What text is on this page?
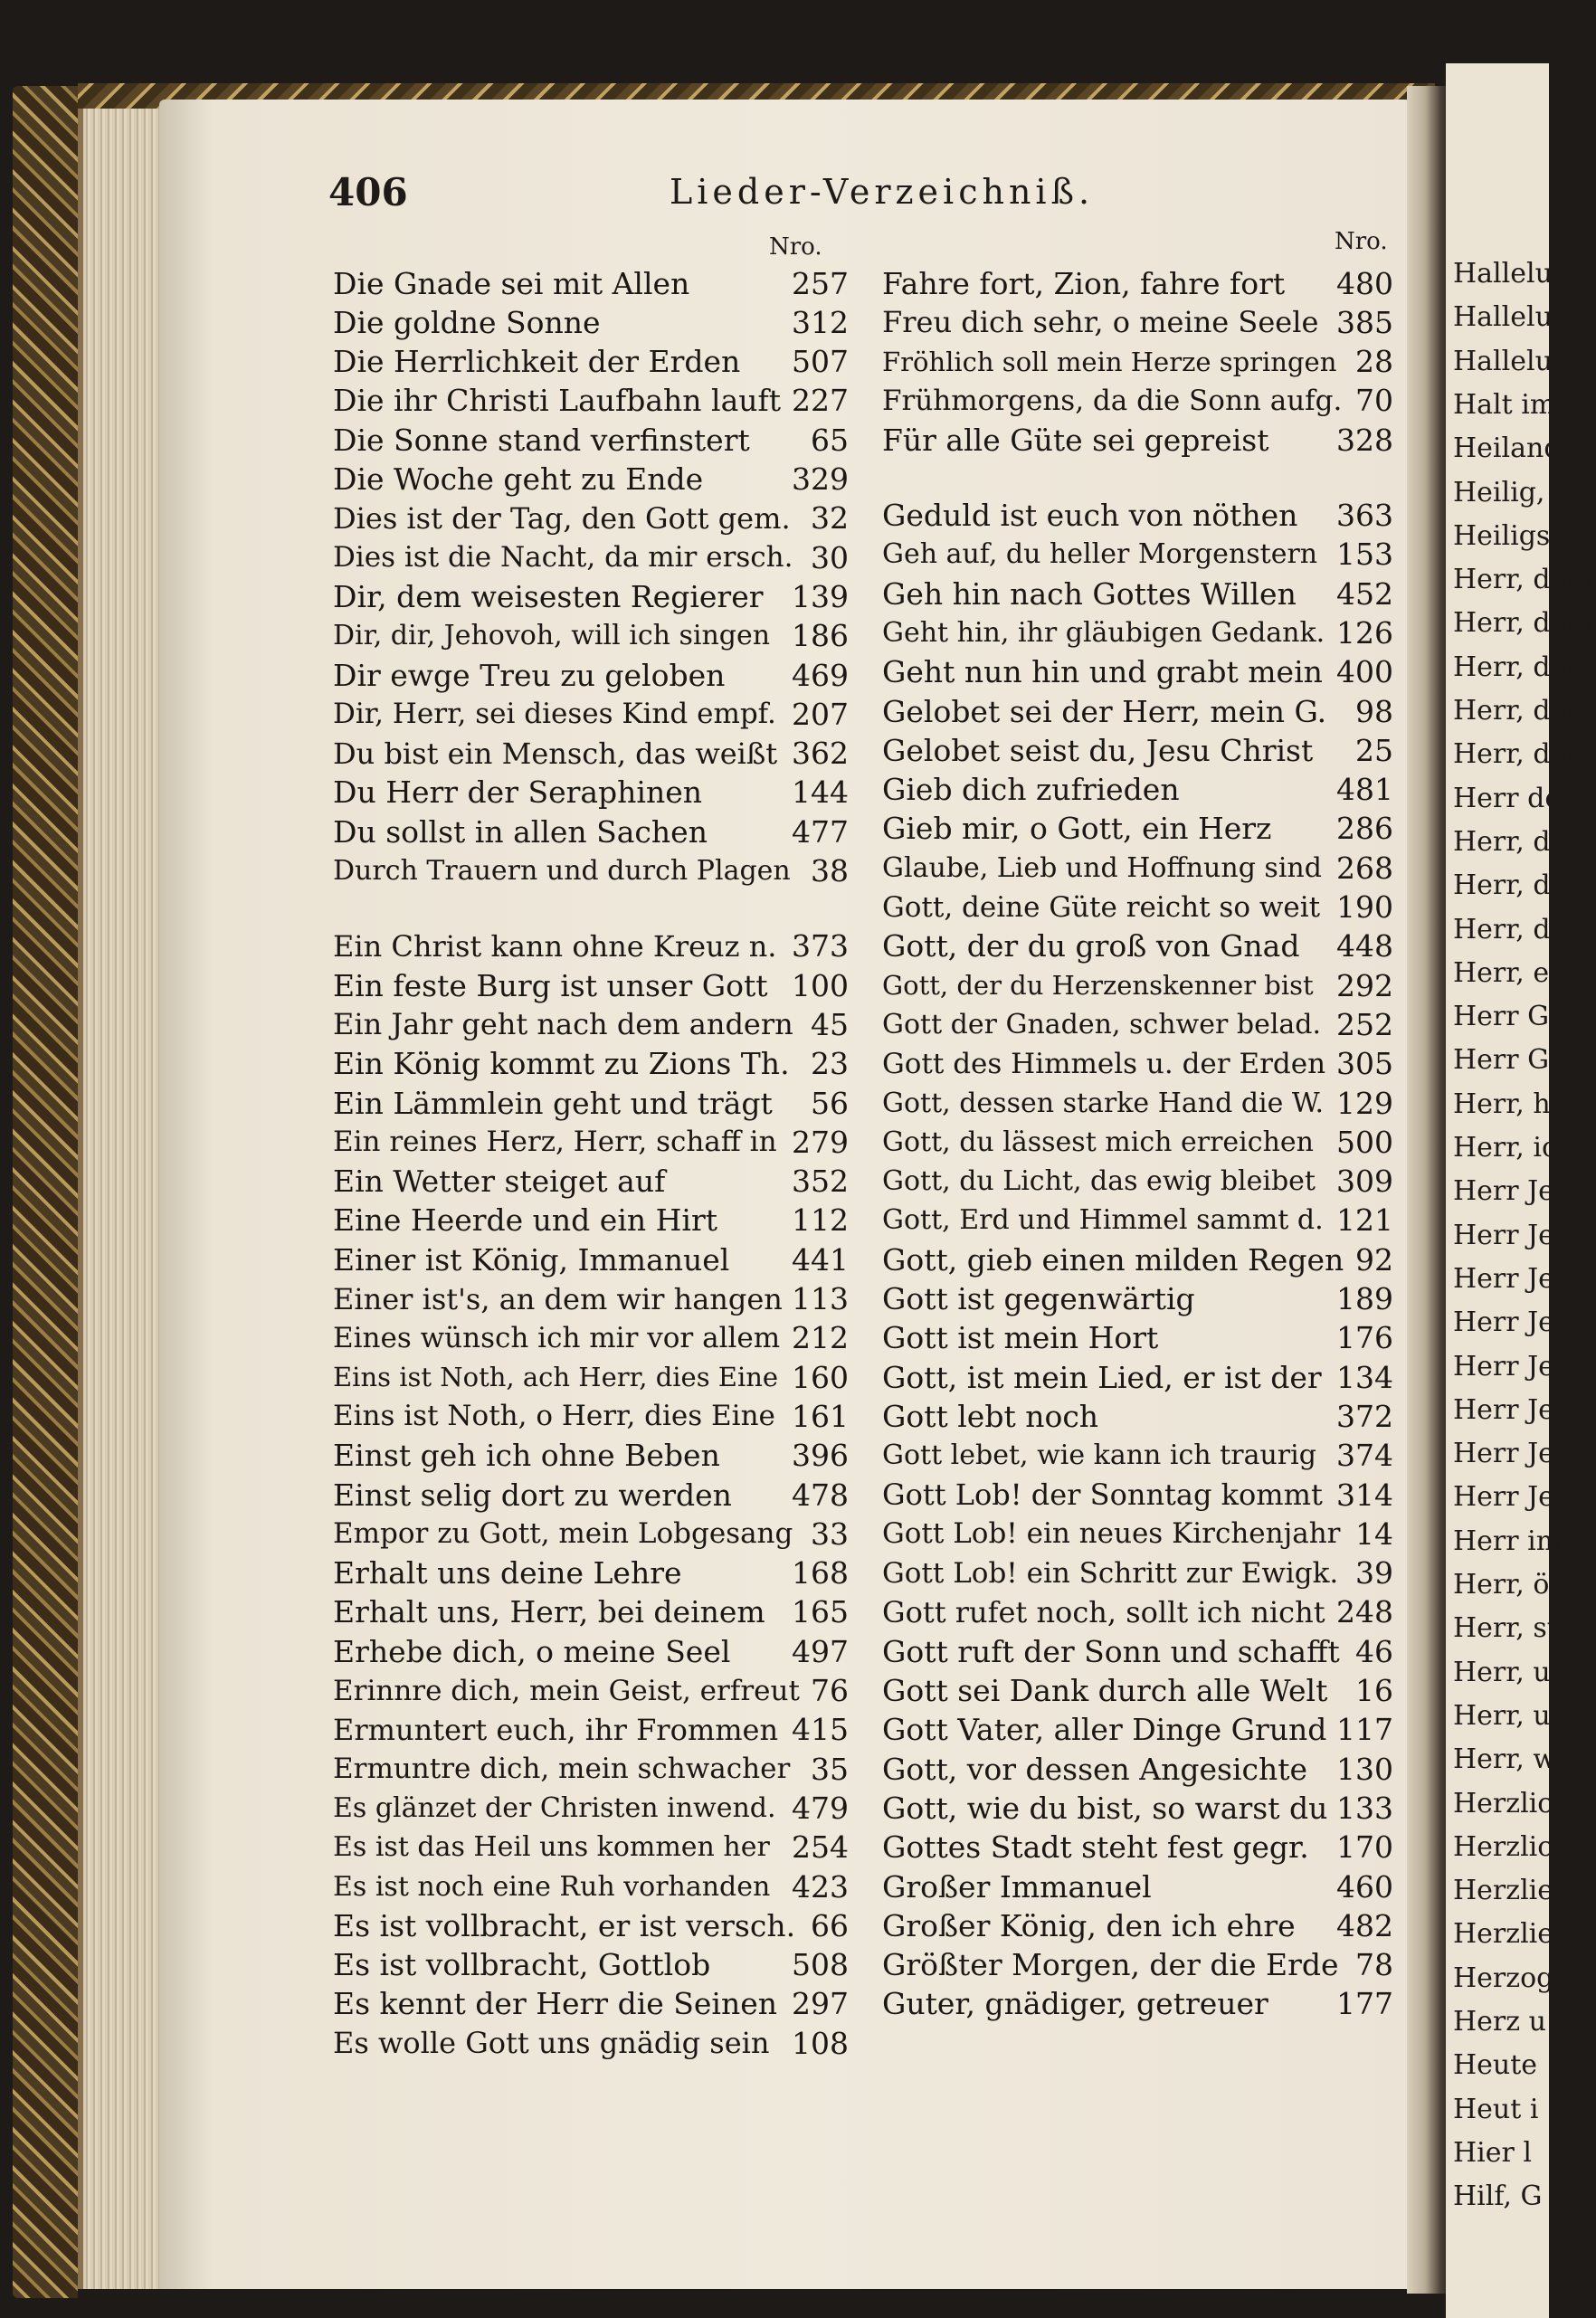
Halleluja!
Halleluja!
Halleluja!
Halt im G
Heiland, d
Heilig, he
Heiligster
Herr, dein
Herr, dein
Herr, der
Herr, der
Herr, der
Herr der
Herr, dess
Herr, du
Herr, du
Herr, es
Herr Got
Herr Go
Herr, hör
Herr, ich
Herr Jes
Herr Jes
Herr Jes
Herr Jes
Herr Je
Herr Jes
Herr Je
Herr Je
Herr im
Herr, öf
Herr, st
Herr, un
Herr, u
Herr, w
Herzlich
Herzlich
Herzlie
Herzlie
Herzog
Herz u
Heute
Heut i
Hier l
Hilf, G
406	Lieder-Verzeichniß.
Nro.	Nro.
Die Gnade sei mit Allen	257
Die goldne Sonne	312
Die Herrlichkeit der Erden 507
Die ihr Christi Laufbahn lauft 227
Die Sonne stand verfinstert 65
Die Woche geht zu Ende	329
Dies ist der Tag, den Gott gem. 32
Dies ist die Nacht, da mir ersch. 30
Dir, dem weisesten Regierer 139
Dir, dir, Jehovoh, will ich singen 186
Dir ewge Treu zu geloben 469
Dir, Herr, sei dieses Kind empf. 207
Du bist ein Mensch, das weißt 362
Du Herr der Seraphinen	144
Du sollst in allen Sachen	477
Durch Trauern und durch Plagen 38
Ein Christ kann ohne Kreuz n. 373
Ein feste Burg ist unser Gott 100
Ein Jahr geht nach dem andern 45
Ein König kommt zu Zions Th. 23
Ein Lämmlein geht und trägt 56
Ein reines Herz, Herr, schaff in 279
Ein Wetter steiget auf	352
Eine Heerde und ein Hirt 112
Einer ist König, Immanuel 441
Einer ist's, an dem wir hangen 113
Eines wünsch ich mir vor allem 212
Eins ist Noth, ach Herr, dies Eine 160
Eins ist Noth, o Herr, dies Eine 161
Einst geh ich ohne Beben 396
Einst selig dort zu werden 478
Empor zu Gott, mein Lobgesang 33
Erhalt uns deine Lehre	168
Erhalt uns, Herr, bei deinem 165
Erhebe dich, o meine Seel 497
Erinnre dich, mein Geist, erfreut 76
Ermuntert euch, ihr Frommen 415
Ermuntre dich, mein schwacher 35
Es glänzet der Christen inwend. 479
Es ist das Heil uns kommen her 254
Es ist noch eine Ruh vorhanden 423
Es ist vollbracht, er ist versch. 66
Es ist vollbracht, Gottlob	508
Es kennt der Herr die Seinen 297
Es wolle Gott uns gnädig sein 108
Fahre fort, Zion, fahre fort 480
Freu dich sehr, o meine Seele 385
Fröhlich soll mein Herze springen 28
Frühmorgens, da die Sonn aufg. 70
Für alle Güte sei gepreist 328
Geduld ist euch von nöthen 363
Geh auf, du heller Morgenstern 153
Geh hin nach Gottes Willen 452
Geht hin, ihr gläubigen Gedank. 126
Geht nun hin und grabt mein 400
Gelobet sei der Herr, mein G. 98
Gelobet seist du, Jesu Christ 25
Gieb dich zufrieden	481
Gieb mir, o Gott, ein Herz 286
Glaube, Lieb und Hoffnung sind 268
Gott, deine Güte reicht so weit 190
Gott, der du groß von Gnad 448
Gott, der du Herzenskenner bist 292
Gott der Gnaden, schwer belad. 252
Gott des Himmels u. der Erden 305
Gott, dessen starke Hand die W. 129
Gott, du lässest mich erreichen 500
Gott, du Licht, das ewig bleibet 309
Gott, Erd und Himmel sammt d. 121
Gott, gieb einen milden Regen 92
Gott ist gegenwärtig	189
Gott ist mein Hort	176
Gott, ist mein Lied, er ist der 134
Gott lebt noch	372
Gott lebet, wie kann ich traurig 374
Gott Lob! der Sonntag kommt 314
Gott Lob! ein neues Kirchenjahr 14
Gott Lob! ein Schritt zur Ewigk. 39
Gott rufet noch, sollt ich nicht 248
Gott ruft der Sonn und schafft 46
Gott sei Dank durch alle Welt 16
Gott Vater, aller Dinge Grund 117
Gott, vor dessen Angesichte 130
Gott, wie du bist, so warst du 133
Gottes Stadt steht fest gegr. 170
Großer Immanuel	460
Großer König, den ich ehre 482
Größter Morgen, der die Erde 78
Guter, gnädiger, getreuer 177
